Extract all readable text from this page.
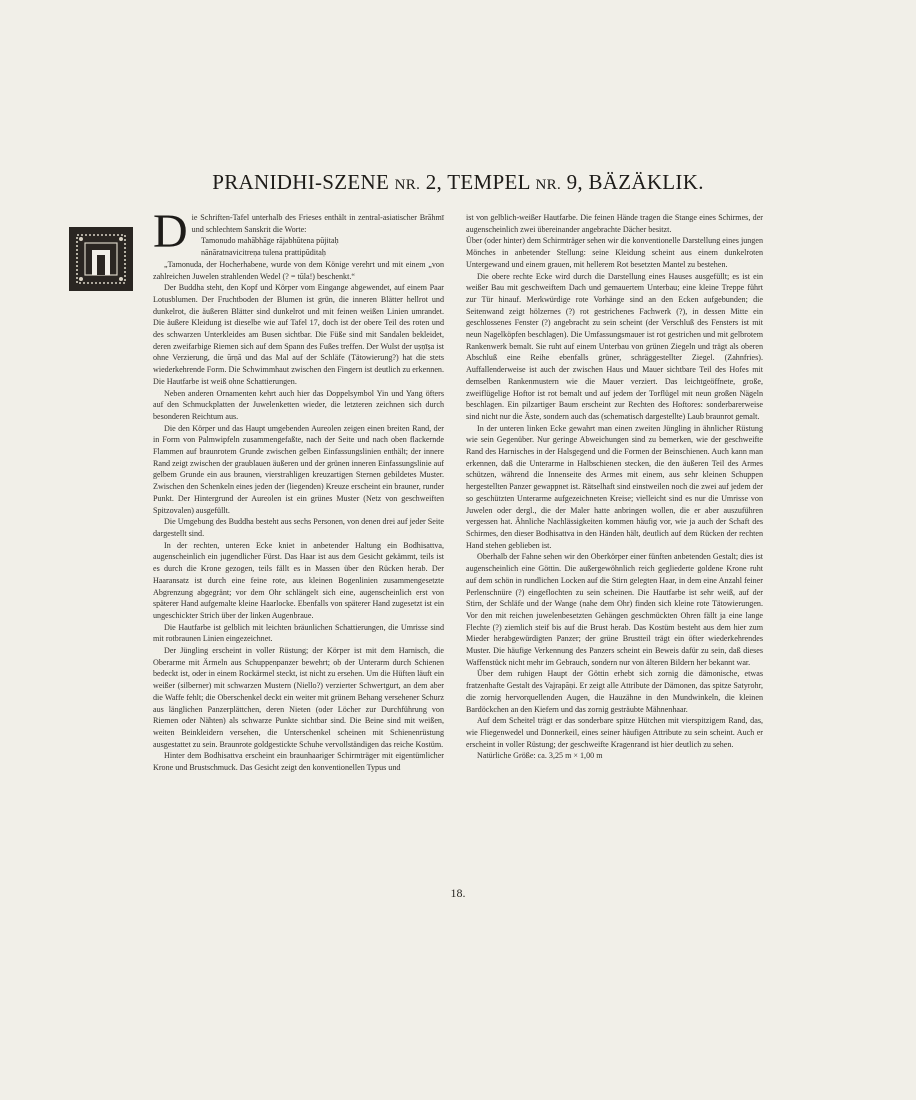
PRANIDHI-SZENE NR. 2, TEMPEL NR. 9, BÄZÄKLIK.
D ie Schriften-Tafel unterhalb des Frieses enthält in zentral-asiatischer Brāhmī und schlechtem Sanskrit die Worte:

Tamonudo mahābhāge rājabhūtena pūjitaḥ

nānāratnavicitreṇa tulena prattipūditaḥ

„Tamonuda, der Hocherhabene, wurde von dem Könige verehrt und mit einem „von zahlreichen Juwelen strahlenden Wedel (? = tūla!) beschenkt.“

Der Buddha steht, den Kopf und Körper vom Eingange abgewendet, auf einem Paar Lotusblumen. Der Fruchtboden der Blumen ist grün, die inneren Blätter hellrot und dunkelrot, die äußeren Blätter sind dunkelrot und mit feinen weißen Linien umrandet. Die äußere Kleidung ist dieselbe wie auf Tafel 17, doch ist der obere Teil des roten und des schwarzen Unterkleides am Busen sichtbar. Die Füße sind mit Sandalen bekleidet, deren zweifarbige Riemen sich auf dem Spann des Fußes treffen. Der Wulst der uṣṇīṣa ist ohne Verzierung, die ūrṇā und das Mal auf der Schläfe (Tätowierung?) hat die stets wiederkehrende Form. Die Schwimmhaut zwischen den Fingern ist deutlich zu erkennen. Die Hautfarbe ist weiß ohne Schattierungen.

Neben anderen Ornamenten kehrt auch hier das Doppelsymbol Yin und Yang öfters auf den Schmuckplatten der Juwelenketten wieder, die letzteren zeichnen sich durch besonderen Reichtum aus.

Die den Körper und das Haupt umgebenden Aureolen zeigen einen breiten Rand, der in Form von Palmwipfeln zusammengefaßte, nach der Seite und nach oben flackernde Flammen auf braunrotem Grunde zwischen gelben Einfassungslinien enthält; der innere Rand zeigt zwischen der graublauen äußeren und der grünen inneren Einfassungslinie auf gelbem Grunde ein aus braunen, vierstrahligen kreuzartigen Sternen gebildetes Muster. Zwischen den Schenkeln eines jeden der (liegenden) Kreuze erscheint ein brauner, runder Punkt. Der Hintergrund der Aureolen ist ein grünes Muster (Netz von geschweiften Spitzovalen) ausgefüllt.

Die Umgebung des Buddha besteht aus sechs Personen, von denen drei auf jeder Seite dargestellt sind.

In der rechten, unteren Ecke kniet in anbetender Haltung ein Bodhisattva, augenscheinlich ein jugendlicher Fürst. Das Haar ist aus dem Gesicht gekämmt, teils ist es durch die Krone gezogen, teils fällt es in Massen über den Rücken herab. Der Haaransatz ist durch eine feine rote, aus kleinen Bogenlinien zusammengesetzte Abgrenzung abgegränt; vor dem Ohr schlängelt sich eine, augenscheinlich erst von späterer Hand aufgemalte kleine Haarlocke. Ebenfalls von späterer Hand zugesetzt ist ein ungeschickter Strich über der linken Augenbraue.

Die Hautfarbe ist gelblich mit leichten bräunlichen Schattierungen, die Umrisse sind mit rotbraunen Linien eingezeichnet.

Der Jüngling erscheint in voller Rüstung; der Körper ist mit dem Harnisch, die Oberarme mit Ärmeln aus Schuppenpanzer bewehrt; ob der Unterarm durch Schienen bedeckt ist, oder in einem Rockärmel steckt, ist nicht zu ersehen. Um die Hüften läuft ein weißer (silberner) mit schwarzen Mustern (Niello?) verzierter Schwertgurt, an dem aber die Waffe fehlt; die Oberschenkel deckt ein weiter mit grünem Behang versehener Schurz aus länglichen Panzerplättchen, deren Nieten (oder Löcher zur Durchführung von Riemen oder Nähten) als schwarze Punkte sichtbar sind. Die Beine sind mit weißen, weiten Beinkleidern versehen, die Unterschenkel scheinen mit Schienenrüstung ausgestattet zu sein. Braunrote goldgestickte Schuhe vervollständigen das reiche Kostüm.

Hinter dem Bodhisattva erscheint ein braunhaariger Schirmträger mit eigentümlicher Krone und Brustschmuck. Das Gesicht zeigt den konventionellen Typus und

ist von gelblich-weißer Hautfarbe. Die feinen Hände tragen die Stange eines Schirmes, der augenscheinlich zwei übereinander angebrachte Dächer besitzt.

Über (oder hinter) dem Schirmträger sehen wir die konventionelle Darstellung eines jungen Mönches in anbetender Stellung: seine Kleidung scheint aus einem dunkelroten Untergewand und einem grauen, mit hellerem Rot besetzten Mantel zu bestehen.

Die obere rechte Ecke wird durch die Darstellung eines Hauses ausgefüllt; es ist ein weißer Bau mit geschweiftem Dach und gemauertem Unterbau; eine kleine Treppe führt zur Tür hinauf. Merkwürdige rote Vorhänge sind an den Ecken aufgebunden; die Seitenwand zeigt hölzernes (?) rot gestrichenes Fachwerk (?), in dessen Mitte ein geschlossenes Fenster (?) angebracht zu sein scheint (der Verschluß des Fensters ist mit neun Nagelköpfen beschlagen). Die Umfassungsmauer ist rot gestrichen und mit gelbrotem Rankenwerk bemalt. Sie ruht auf einem Unterbau von grünen Ziegeln und trägt als oberen Abschluß eine Reihe ebenfalls grüner, schräggestellter Ziegel. (Zahnfries). Auffallenderweise ist auch der zwischen Haus und Mauer sichtbare Teil des Hofes mit demselben Rankenmustern wie die Mauer verziert. Das leichtgeöffnete, große, zweiflügelige Hoftor ist rot bemalt und auf jedem der Torflügel mit neun großen Nägeln beschlagen. Ein pilzartiger Baum erscheint zur Rechten des Hoftores: sonderbarerweise sind nicht nur die Äste, sondern auch das (schematisch dargestellte) Laub braunrot gemalt.

In der unteren linken Ecke gewahrt man einen zweiten Jüngling in ähnlicher Rüstung wie sein Gegenüber. Nur geringe Abweichungen sind zu bemerken, wie der geschweifte Rand des Harnisches in der Halsgegend und die Formen der Beinschienen. Auch kann man erkennen, daß die Unterarme in Halbschienen stecken, die den äußeren Teil des Armes schützen, während die Innenseite des Armes mit einem, aus sehr kleinen Schuppen hergestellten Panzer gewappnet ist. Rätselhaft sind einstweilen noch die zwei auf jedem der so geschützten Unterarme aufgezeichneten Kreise; vielleicht sind es nur die Umrisse von Juwelen oder dergl., die der Maler hatte anbringen wollen, die er aber auszuführen vergessen hat. Ähnliche Nachlässigkeiten kommen häufig vor, wie ja auch der Schaft des Schirmes, den dieser Bodhisattva in den Händen hält, deutlich auf dem Rücken der rechten Hand stehen geblieben ist.

Oberhalb der Fahne sehen wir den Oberkörper einer fünften anbetenden Gestalt; dies ist augenscheinlich eine Göttin. Die außergewöhnlich reich gegliederte goldene Krone ruht auf dem schön in rundlichen Locken auf die Stirn gelegten Haar, in dem eine Anzahl feiner Perlenschnüre (?) eingeflochten zu sein scheinen. Die Hautfarbe ist sehr weiß, auf der Stirn, der Schläfe und der Wange (nahe dem Ohr) finden sich kleine rote Tätowierungen. Vor den mit reichen juwelenbesetzten Gehängen geschmückten Ohren fällt ja eine lange Flechte (?) ziemlich steif bis auf die Brust herab. Das Kostüm besteht aus dem hier zum Mieder herabgewürdigten Panzer; der grüne Brustteil trägt ein öfter wiederkehrendes Muster. Die häufige Verkennung des Panzers scheint ein Beweis dafür zu sein, daß dieses Waffenstück nicht mehr im Gebrauch, sondern nur von älteren Bildern her bekannt war.

Über dem ruhigen Haupt der Göttin erhebt sich zornig die dämonische, etwas fratzenhafte Gestalt des Vajrapāṇi. Er zeigt alle Attribute der Dämonen, das spitze Satyrohr, die zornig hervorquellenden Augen, die Hauzähne in den Mundwinkeln, die kleinen Bardöckchen an den Kiefern und das zornig gesträubte Mähnenhaar.

Auf dem Scheitel trägt er das sonderbare spitze Hütchen mit vierspitzigem Rand, das, wie Fliegenwedel und Donnerkeil, eines seiner häufigen Attribute zu sein scheint. Auch er erscheint in voller Rüstung; der geschweifte Kragenrand ist hier deutlich zu sehen.

Natürliche Größe: ca. 3,25 m × 1,00 m

18.
